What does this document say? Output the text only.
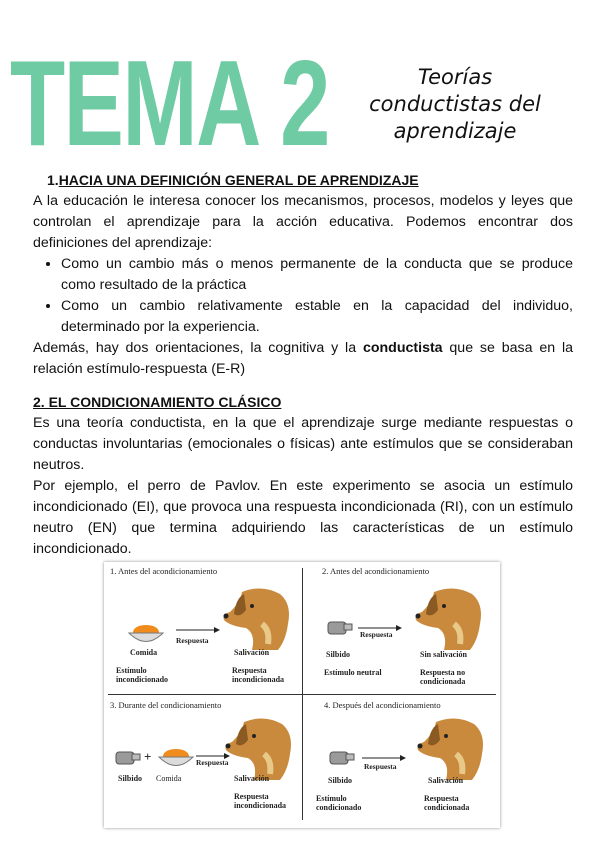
TEMA 2	Teorías
conductistas del
aprendizaje
1.HACIA UNA DEFINICIÓN GENERAL DE APRENDIZAJE

A la educación le interesa conocer los mecanismos, procesos, modelos y leyes que controlan el aprendizaje para la acción educativa. Podemos encontrar dos definiciones del aprendizaje:

• Como un cambio más o menos permanente de la conducta que se produce como resultado de la práctica
• Como un cambio relativamente estable en la capacidad del individuo, determinado por la experiencia.

Además, hay dos orientaciones, la cognitiva y la conductista que se basa en la relación estímulo-respuesta (E-R)

2. EL CONDICIONAMIENTO CLÁSICO

Es una teoría conductista, en la que el aprendizaje surge mediante respuestas o conductas involuntarias (emocionales o físicas) ante estímulos que se consideraban neutros.

Por ejemplo, el perro de Pavlov. En este experimento se asocia un estímulo incondicionado (EI), que provoca una respuesta incondicionada (RI), con un estímulo neutro (EN) que termina adquiriendo las características de un estímulo incondicionado.

1. Antes del acondicionamiento
Respuesta
Comida	Salivación
Estímulo incondicionado
Respuesta incondicionada
2. Antes del acondicionamiento
Respuesta
Silbido	Sin salivación
Estímulo neutral	Respuesta no condicionada
3. Durante del condicionamiento
+	Respuesta
Silbido Comida	Salivación
Respuesta incondicionada
4. Después del acondicionamiento
Respuesta
Silbido	Salivación
Estímulo condicionado
Respuesta condicionada
